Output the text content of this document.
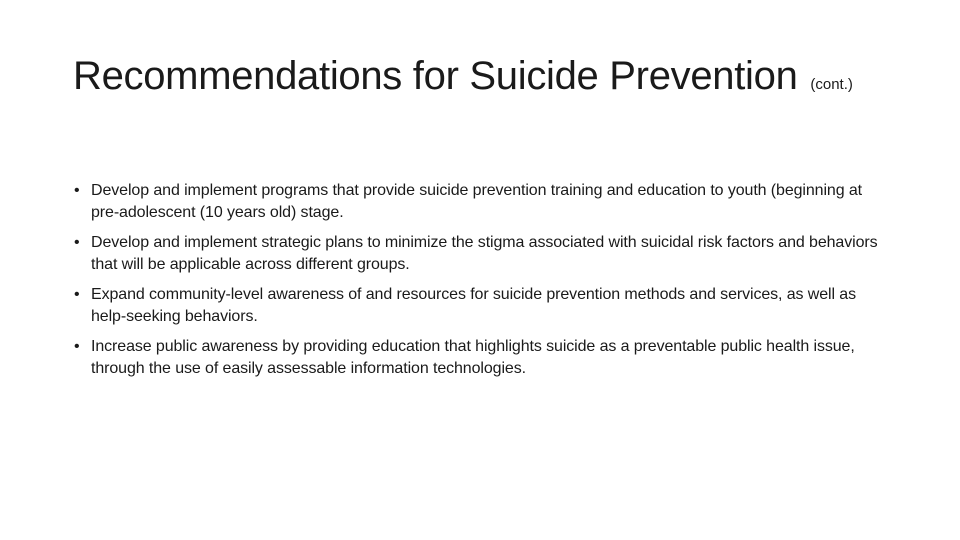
Recommendations for Suicide Prevention (cont.)
• Develop and implement programs that provide suicide prevention training and education to youth (beginning at pre-adolescent (10 years old) stage.
• Develop and implement strategic plans to minimize the stigma associated with suicidal risk factors and behaviors that will be applicable across different groups.
• Expand community-level awareness of and resources for suicide prevention methods and services, as well as help-seeking behaviors.
• Increase public awareness by providing education that highlights suicide as a preventable public health issue, through the use of easily assessable information technologies.
